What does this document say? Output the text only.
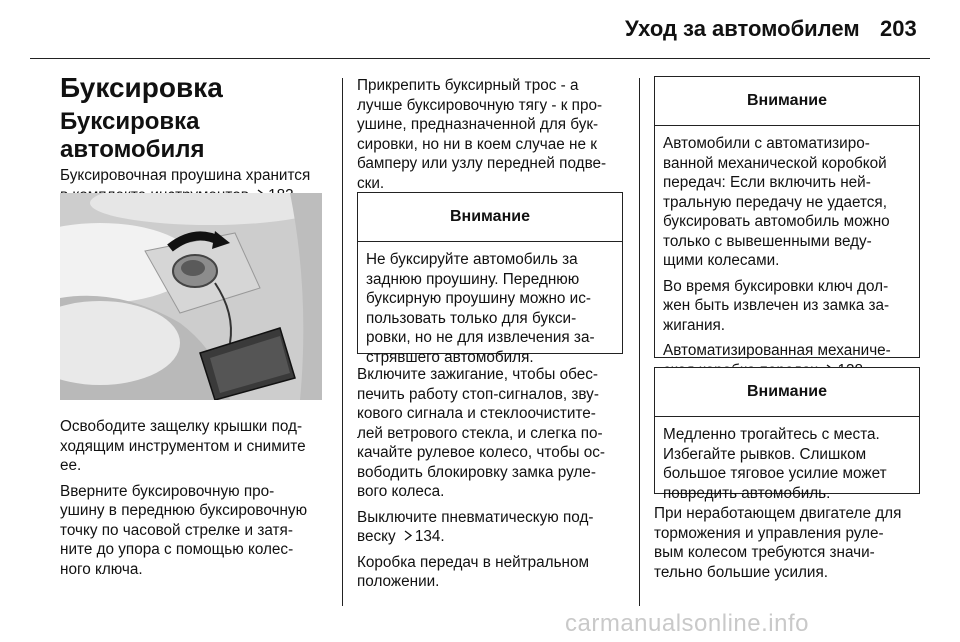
Уход за автомобилем 203
Буксировка
Буксировка автомобиля

Буксировочная проушина хранится

Освободите защелку крышки под-
ходящим инструментом и снимите
ее.

Вверните буксировочную про-
ушину в переднюю буксировочную
точку по часовой стрелке и затя-
ните до упора с помощью колес-
ного ключа.

Прикрепить буксирный трос - а
лучше буксировочную тягу - к про-
ушине, предназначенной для бук-
сировки, но ни в коем случае не к
бамперу или узлу передней подве-
ски.

Внимание
Не буксируйте автомобиль за
заднюю проушину. Переднюю
буксирную проушину можно ис-
пользовать только для букси-
ровки, но не для извлечения за-
стрявшего автомобиля.

Включите зажигание, чтобы обес-
печить работу стоп-сигналов, зву-
кового сигнала и стеклоочистите-
лей ветрового стекла, и слегка по-
качайте рулевое колесо, чтобы ос-
вободить блокировку замка руле-
вого колеса.

Выключите пневматическую под-
веску 134.

Коробка передач в нейтральном
положении.

Внимание

Автомобили с автоматизиро-
ванной механической коробкой
передач: Если включить ней-
тральную передачу не удается,
буксировать автомобиль можно
только с вывешенными веду-
щими колесами.

Во время буксировки ключ дол-
жен быть извлечен из замка за-
жигания.

Автоматизированная механиче-

Внимание
Медленно трогайтесь с места.
Избегайте рывков. Слишком
большое тяговое усилие может
повредить автомобиль.

При неработающем двигателе для
торможения и управления руле-
вым колесом требуются значи-
тельно большие усилия.

carmanualsonline.info
